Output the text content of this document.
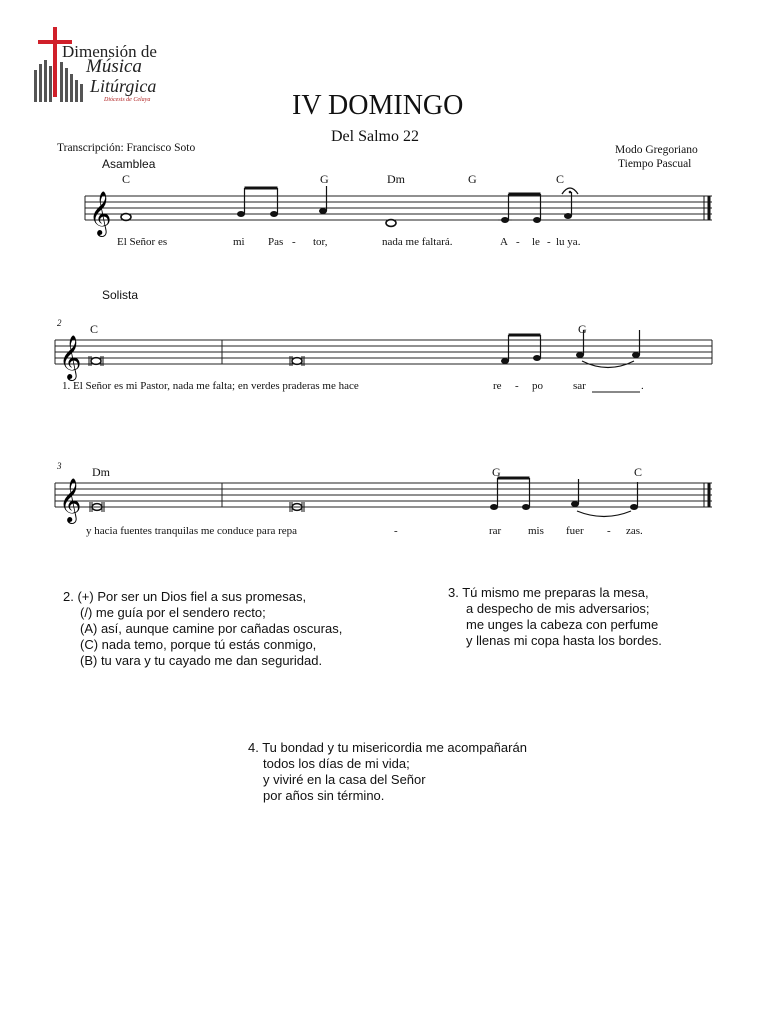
Dimensión de
Música
Litúrgica
Diócesis de Celaya	IV DOMINGO
Del Salmo 22
Transcripción: Francisco Soto	Modo Gregoriano
Tiempo Pascual
Asamblea
C	G	Dm	G	C
𝄞
El Señor es	mi Pas - tor,	nada me faltará.	A - le - lu ya.
Solista
2 C	G
𝄞
1. El Señor es mi Pastor, nada me falta; en verdes praderas me hace	re - po	sar	.
3	Dm	G	C
𝄞
y hacia fuentes tranquilas me conduce para repa	-	rar mis fuer - zas.
2. (+) Por ser un Dios fiel a sus promesas,
(/) me guía por el sendero recto;
(A) así, aunque camine por cañadas oscuras,
(C) nada temo, porque tú estás conmigo,
(B) tu vara y tu cayado me dan seguridad.
3. Tú mismo me preparas la mesa,
a despecho de mis adversarios;
me unges la cabeza con perfume
y llenas mi copa hasta los bordes.
4. Tu bondad y tu misericordia me acompañarán
todos los días de mi vida;
y viviré en la casa del Señor
por años sin término.
